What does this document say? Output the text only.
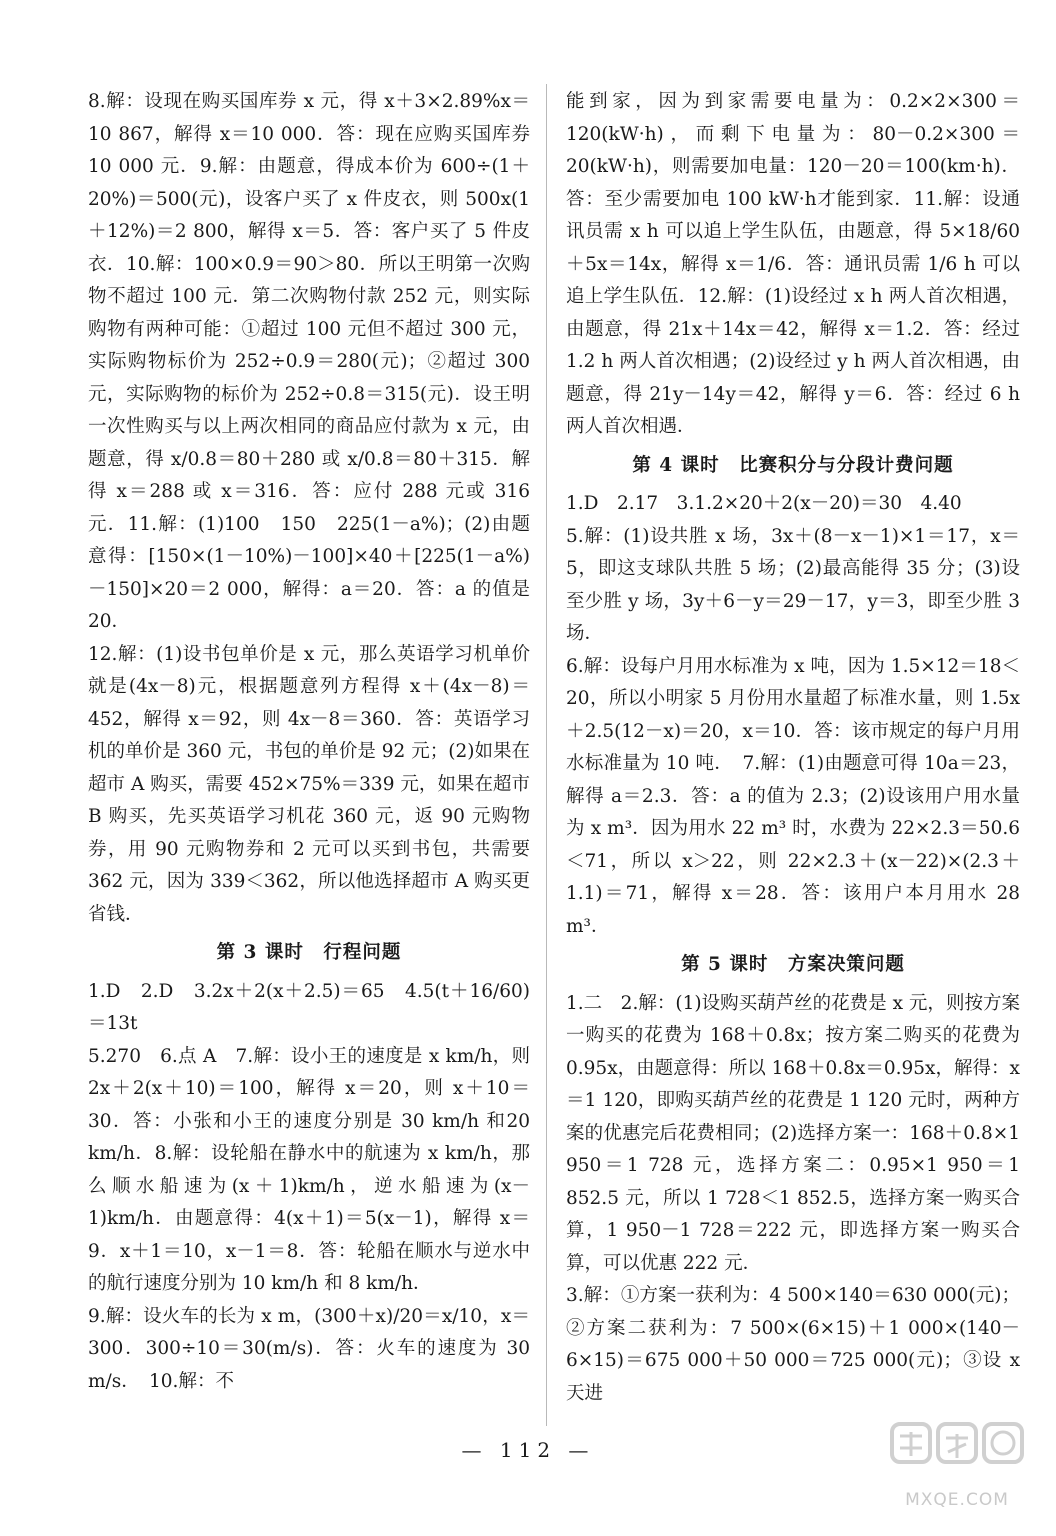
8.解：设现在购买国库券 x 元，得 x＋3×2.89%x＝10 867，解得 x＝10 000．答：现在应购买国库券 10 000 元．9.解：由题意，得成本价为 600÷(1＋20%)＝500(元)，设客户买了 x 件皮衣，则 500x(1＋12%)＝2 800，解得 x＝5．答：客户买了 5 件皮衣．10.解：100×0.9＝90＞80．所以王明第一次购物不超过 100 元．第二次购物付款 252 元，则实际购物有两种可能：①超过 100 元但不超过 300 元，实际购物标价为 252÷0.9＝280(元)；②超过 300 元，实际购物的标价为 252÷0.8＝315(元)．设王明一次性购买与以上两次相同的商品应付款为 x 元，由题意，得 x/0.8＝80＋280 或 x/0.8＝80＋315．解得 x＝288 或 x＝316．答：应付 288 元或 316 元．11.解：(1)100　150　225(1－a%)；(2)由题意得：[150×(1－10%)－100]×40＋[225(1－a%)－150]×20＝2 000，解得：a＝20．答：a 的值是 20．

12.解：(1)设书包单价是 x 元，那么英语学习机单价就是(4x－8)元，根据题意列方程得 x＋(4x－8)＝452，解得 x＝92，则 4x－8＝360．答：英语学习机的单价是 360 元，书包的单价是 92 元；(2)如果在超市 A 购买，需要 452×75%＝339 元，如果在超市 B 购买，先买英语学习机花 360 元，返 90 元购物券，用 90 元购物券和 2 元可以买到书包，共需要 362 元，因为 339＜362，所以他选择超市 A 购买更省钱．

第 3 课时　行程问题

1.D　2.D　3.2x＋2(x＋2.5)＝65　4.5(t＋16/60)＝13t

5.270　6.点 A　7.解：设小王的速度是 x km/h，则 2x＋2(x＋10)＝100，解得 x＝20，则 x＋10＝30．答：小张和小王的速度分别是 30 km/h 和20 km/h．8.解：设轮船在静水中的航速为 x km/h，那么顺水船速为(x＋1)km/h，逆水船速为(x－1)km/h．由题意得：4(x＋1)＝5(x－1)，解得 x＝9．x＋1＝10，x－1＝8．答：轮船在顺水与逆水中的航行速度分别为 10 km/h 和 8 km/h．

9.解：设火车的长为 x m，(300＋x)/20＝x/10，x＝300．300÷10＝30(m/s)．答：火车的速度为 30 m/s．　10.解：不

能到家，因为到家需要电量为：0.2×2×300＝120(kW·h)，而剩下电量为：80－0.2×300＝20(kW·h)，则需要加电量：120－20＝100(km·h)．答：至少需要加电 100 kW·h才能到家．11.解：设通讯员需 x h 可以追上学生队伍，由题意，得 5×18/60＋5x＝14x，解得 x＝1/6．答：通讯员需 1/6 h 可以追上学生队伍．12.解：(1)设经过 x h 两人首次相遇，由题意，得 21x＋14x＝42，解得 x＝1.2．答：经过 1.2 h 两人首次相遇；(2)设经过 y h 两人首次相遇，由题意，得 21y－14y＝42，解得 y＝6．答：经过 6 h 两人首次相遇．

第 4 课时　比赛积分与分段计费问题

1.D　2.17　3.1.2×20＋2(x－20)＝30　4.40

5.解：(1)设共胜 x 场，3x＋(8－x－1)×1＝17，x＝5，即这支球队共胜 5 场；(2)最高能得 35 分；(3)设至少胜 y 场，3y＋6－y＝29－17，y＝3，即至少胜 3 场．

6.解：设每户月用水标准为 x 吨，因为 1.5×12＝18＜20，所以小明家 5 月份用水量超了标准水量，则 1.5x＋2.5(12－x)＝20，x＝10．答：该市规定的每户月用水标准量为 10 吨．　7.解：(1)由题意可得 10a＝23，解得 a＝2.3．答：a 的值为 2.3；(2)设该用户用水量为 x m³．因为用水 22 m³ 时，水费为 22×2.3＝50.6＜71，所以 x＞22，则 22×2.3＋(x－22)×(2.3＋1.1)＝71，解得 x＝28．答：该用户本月用水 28 m³．

第 5 课时　方案决策问题

1.二　2.解：(1)设购买葫芦丝的花费是 x 元，则按方案一购买的花费为 168＋0.8x；按方案二购买的花费为 0.95x，由题意得：所以 168＋0.8x＝0.95x，解得：x＝1 120，即购买葫芦丝的花费是 1 120 元时，两种方案的优惠完后花费相同；(2)选择方案一：168＋0.8×1 950＝1 728 元，选择方案二：0.95×1 950＝1 852.5 元，所以 1 728＜1 852.5，选择方案一购买合算，1 950－1 728＝222 元，即选择方案一购买合算，可以优惠 222 元．

3.解：①方案一获利为：4 500×140＝630 000(元)；②方案二获利为：7 500×(6×15)＋1 000×(140－6×15)＝675 000＋50 000＝725 000(元)；③设 x 天进

— 112 —
MXQE.COM
